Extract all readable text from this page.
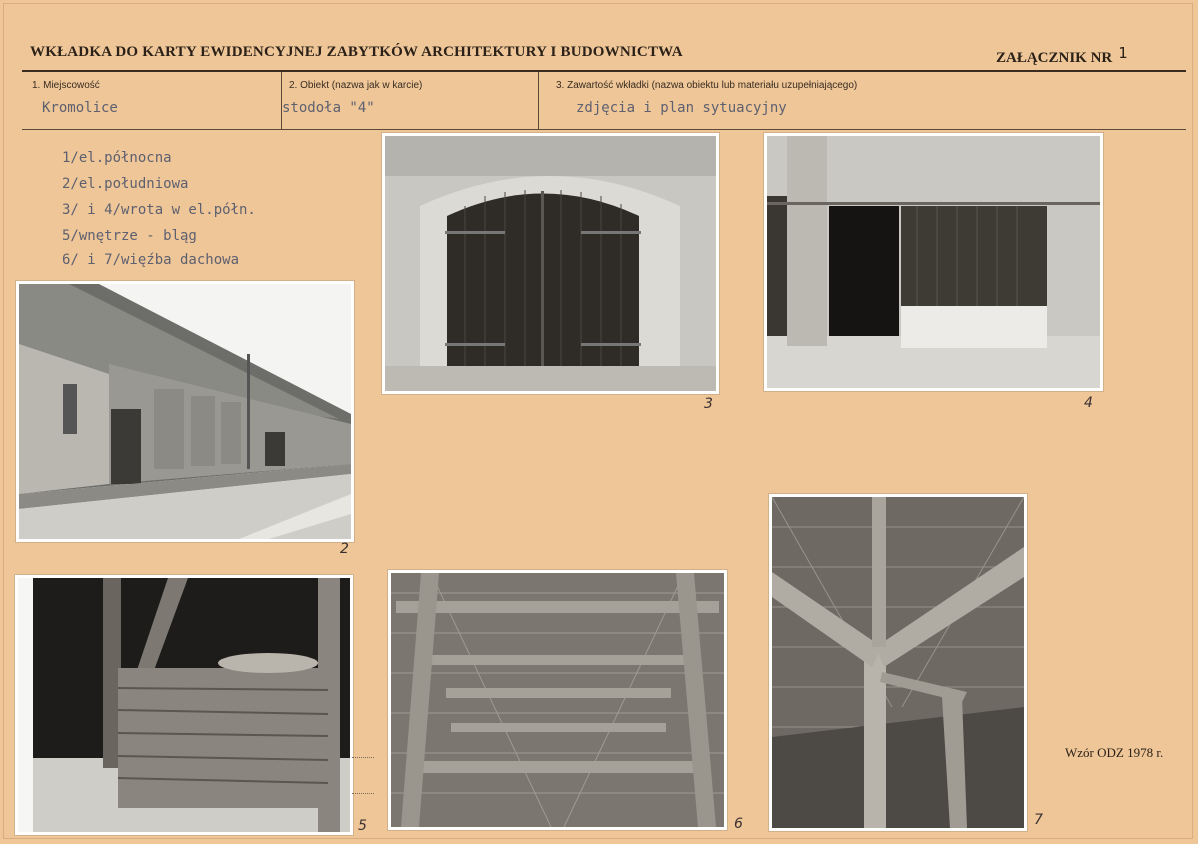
WKŁADKA DO KARTY EWIDENCYJNEJ ZABYTKÓW ARCHITEKTURY I BUDOWNICTWA	ZAŁĄCZNIK NR 1
1. Miejscowość
Kromolice
2. Obiekt (nazwa jak w karcie)
stodoła "4"
3. Zawartość wkładki (nazwa obiektu lub materiału uzupełniającego)
zdjęcia i plan sytuacyjny
1/el.północna
2/el.południowa
3/ i 4/wrota w el.półn.
5/wnętrze - bląg
6/ i 7/więźba dachowa
2
3	4
5	6	7
Wzór ODZ 1978 r.
